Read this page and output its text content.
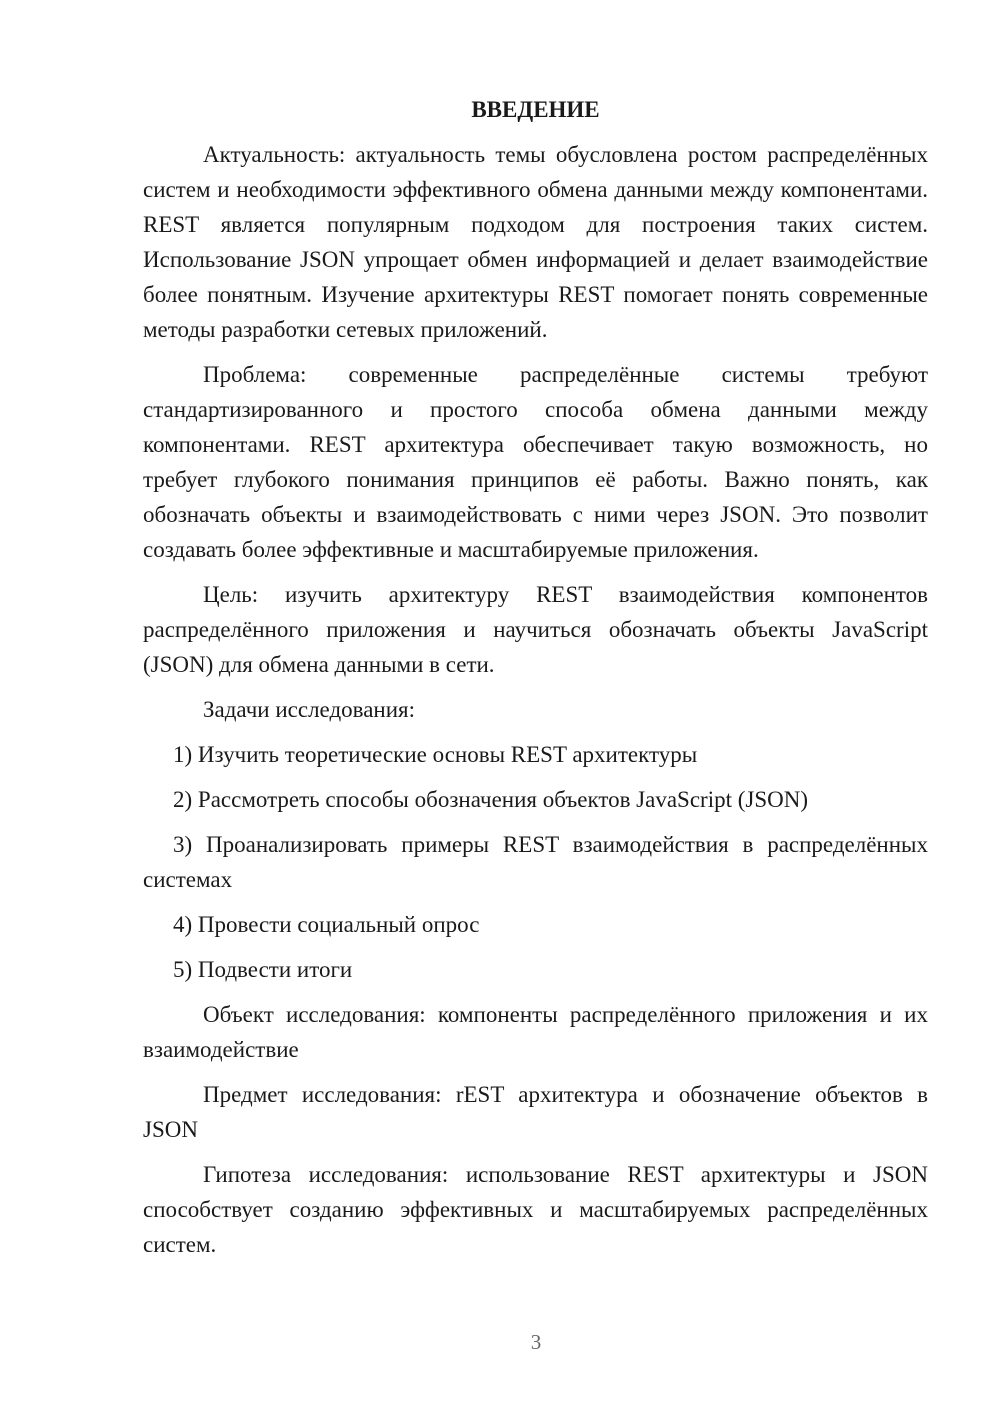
ВВЕДЕНИЕ

Актуальность: актуальность темы обусловлена ростом распределённых систем и необходимости эффективного обмена данными между компонентами. REST является популярным подходом для построения таких систем. Использование JSON упрощает обмен информацией и делает взаимодействие более понятным. Изучение архитектуры REST помогает понять современные методы разработки сетевых приложений.

Проблема: современные распределённые системы требуют стандартизированного и простого способа обмена данными между компонентами. REST архитектура обеспечивает такую возможность, но требует глубокого понимания принципов её работы. Важно понять, как обозначать объекты и взаимодействовать с ними через JSON. Это позволит создавать более эффективные и масштабируемые приложения.

Цель: изучить архитектуру REST взаимодействия компонентов распределённого приложения и научиться обозначать объекты JavaScript (JSON) для обмена данными в сети.

Задачи исследования:

1) Изучить теоретические основы REST архитектуры

2) Рассмотреть способы обозначения объектов JavaScript (JSON)

3) Проанализировать примеры REST взаимодействия в распределённых системах

4) Провести социальный опрос

5) Подвести итоги

Объект исследования: компоненты распределённого приложения и их взаимодействие

Предмет исследования: rEST архитектура и обозначение объектов в JSON

Гипотеза исследования: использование REST архитектуры и JSON способствует созданию эффективных и масштабируемых распределённых систем.

3
